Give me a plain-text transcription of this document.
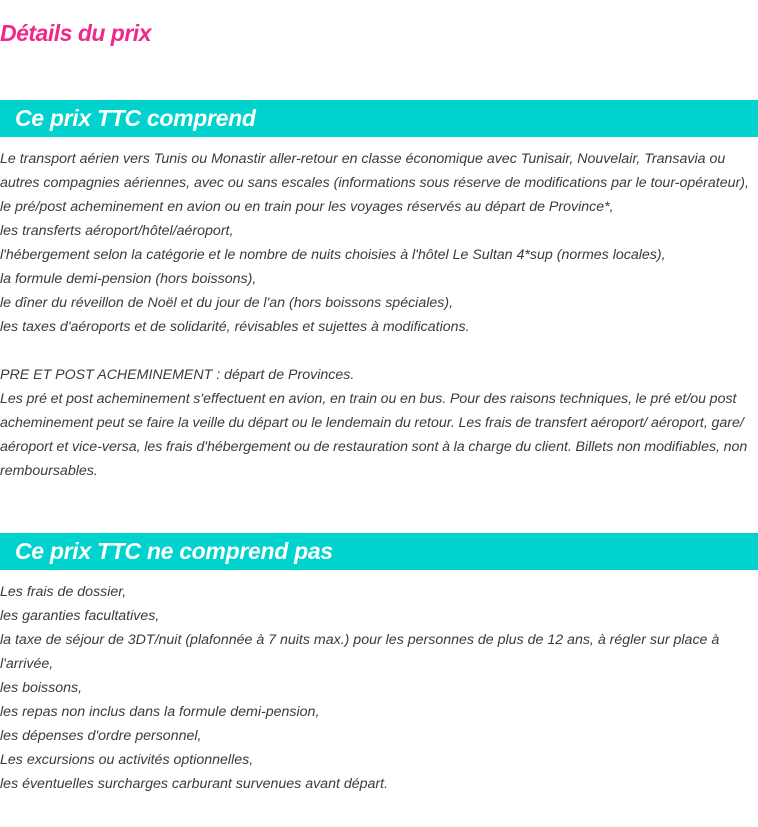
Détails du prix
Ce prix TTC comprend
Le transport aérien vers Tunis ou Monastir aller-retour en classe économique avec Tunisair, Nouvelair, Transavia ou
autres compagnies aériennes, avec ou sans escales (informations sous réserve de modifications par le tour-opérateur),
le pré/post acheminement en avion ou en train pour les voyages réservés au départ de Province*,
les transferts aéroport/hôtel/aéroport,
l'hébergement selon la catégorie et le nombre de nuits choisies à l'hôtel Le Sultan 4*sup (normes locales),
la formule demi-pension (hors boissons),
le dîner du réveillon de Noël et du jour de l'an (hors boissons spéciales),
les taxes d'aéroports et de solidarité, révisables et sujettes à modifications.
PRE ET POST ACHEMINEMENT : départ de Provinces.
Les pré et post acheminement s'effectuent en avion, en train ou en bus. Pour des raisons techniques, le pré et/ou post acheminement peut se faire la veille du départ ou le lendemain du retour. Les frais de transfert aéroport/ aéroport, gare/ aéroport et vice-versa, les frais d'hébergement ou de restauration sont à la charge du client. Billets non modifiables, non remboursables.
Ce prix TTC ne comprend pas
Les frais de dossier,
les garanties facultatives,
la taxe de séjour de 3DT/nuit (plafonnée à 7 nuits max.) pour les personnes de plus de 12 ans, à régler sur place à
l'arrivée,
les boissons,
les repas non inclus dans la formule demi-pension,
les dépenses d'ordre personnel,
Les excursions ou activités optionnelles,
les éventuelles surcharges carburant survenues avant départ.
